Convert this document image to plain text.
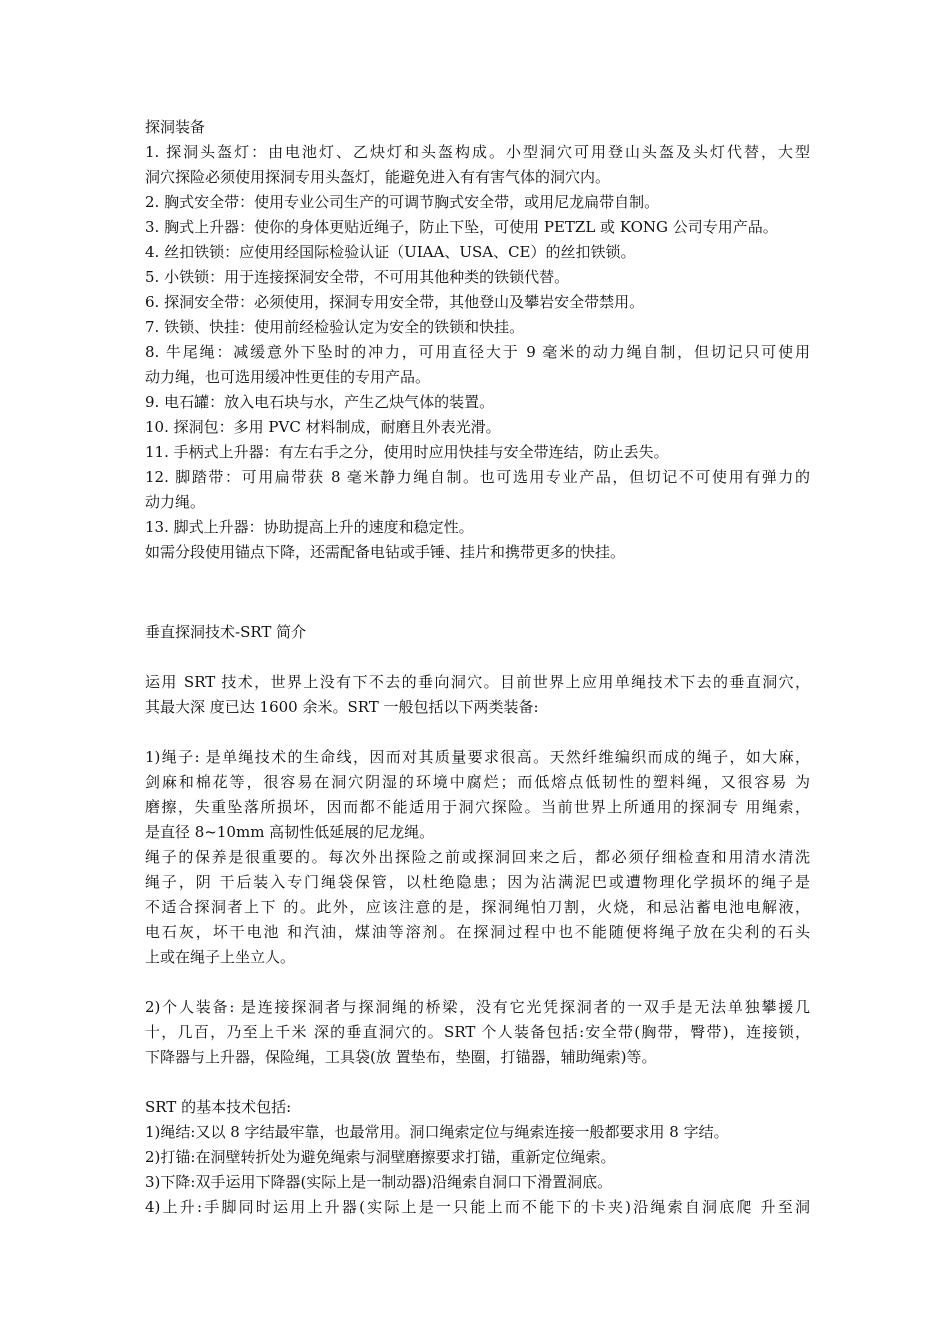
探洞装备
1. 探洞头盔灯：由电池灯、乙炔灯和头盔构成。小型洞穴可用登山头盔及头灯代替，大型
洞穴探险必须使用探洞专用头盔灯，能避免进入有有害气体的洞穴内。
2. 胸式安全带：使用专业公司生产的可调节胸式安全带，或用尼龙扁带自制。
3. 胸式上升器：使你的身体更贴近绳子，防止下坠，可使用 PETZL 或 KONG 公司专用产品。
4. 丝扣铁锁：应使用经国际检验认证（UIAA、USA、CE）的丝扣铁锁。
5. 小铁锁：用于连接探洞安全带，不可用其他种类的铁锁代替。
6. 探洞安全带：必须使用，探洞专用安全带，其他登山及攀岩安全带禁用。
7. 铁锁、快挂：使用前经检验认定为安全的铁锁和快挂。
8. 牛尾绳：减缓意外下坠时的冲力，可用直径大于 9 毫米的动力绳自制，但切记只可使用
动力绳，也可选用缓冲性更佳的专用产品。
9. 电石罐：放入电石块与水，产生乙炔气体的装置。
10. 探洞包：多用 PVC 材料制成，耐磨且外表光滑。
11. 手柄式上升器：有左右手之分，使用时应用快挂与安全带连结，防止丢失。
12. 脚踏带：可用扁带获 8 毫米静力绳自制。也可选用专业产品，但切记不可使用有弹力的
动力绳。
13. 脚式上升器：协助提高上升的速度和稳定性。
如需分段使用锚点下降，还需配备电钻或手锤、挂片和携带更多的快挂。
垂直探洞技术-SRT 简介
运用 SRT 技术，世界上没有下不去的垂向洞穴。目前世界上应用单绳技术下去的垂直洞穴，
其最大深 度已达 1600 余米。SRT 一般包括以下两类装备:
1)绳子: 是单绳技术的生命线，因而对其质量要求很高。天然纤维编织而成的绳子，如大麻，
剑麻和棉花等，很容易在洞穴阴湿的环境中腐烂；而低熔点低韧性的塑料绳，又很容易 为
磨擦，失重坠落所损坏，因而都不能适用于洞穴探险。当前世界上所通用的探洞专 用绳索，
是直径 8~10mm 高韧性低延展的尼龙绳。
绳子的保养是很重要的。每次外出探险之前或探洞回来之后，都必须仔细检查和用清水清洗
绳子，阴 干后装入专门绳袋保管，以杜绝隐患；因为沾满泥巴或遭物理化学损坏的绳子是
不适合探洞者上下 的。此外，应该注意的是，探洞绳怕刀割，火烧，和忌沾蓄电池电解液，
电石灰，坏干电池 和汽油，煤油等溶剂。在探洞过程中也不能随便将绳子放在尖利的石头
上或在绳子上坐立人。
2)个人装备: 是连接探洞者与探洞绳的桥梁，没有它光凭探洞者的一双手是无法单独攀援几
十，几百，乃至上千米 深的垂直洞穴的。SRT 个人装备包括:安全带(胸带，臀带)，连接锁，
下降器与上升器，保险绳，工具袋(放 置垫布，垫圈，打锚器，辅助绳索)等。
SRT 的基本技术包括:
1)绳结:又以 8 字结最牢靠，也最常用。洞口绳索定位与绳索连接一般都要求用 8 字结。
2)打锚:在洞壁转折处为避免绳索与洞壁磨擦要求打锚，重新定位绳索。
3)下降:双手运用下降器(实际上是一制动器)沿绳索自洞口下滑置洞底。
4)上升:手脚同时运用上升器(实际上是一只能上而不能下的卡夹)沿绳索自洞底爬 升至洞
